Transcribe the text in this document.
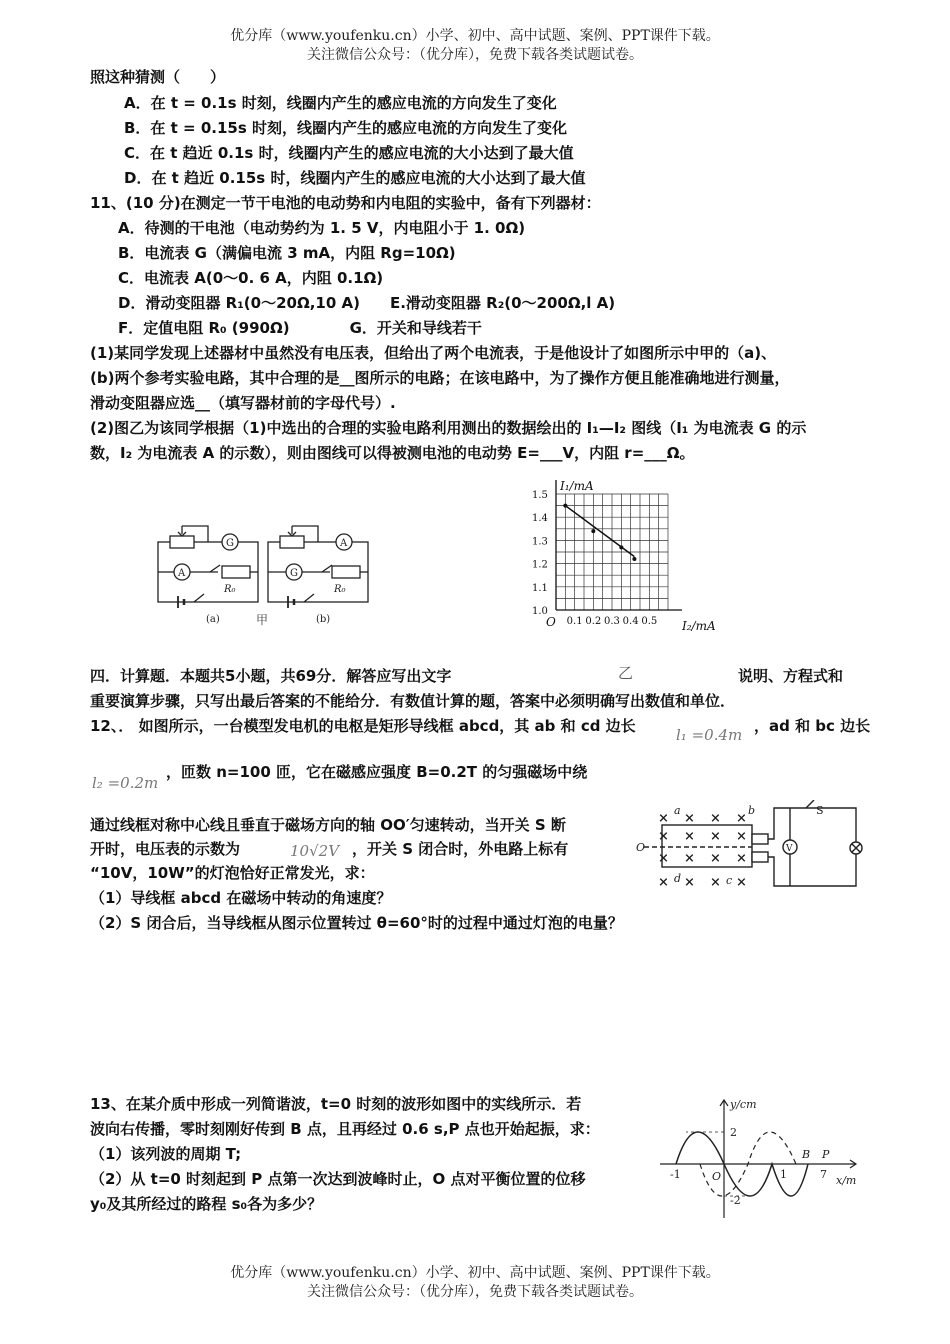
优分库（www.youfenku.cn）小学、初中、高中试题、案例、PPT课件下载。
关注微信公众号：（优分库），免费下载各类试题试卷。
照这种猜测（　　）
A．在 t = 0.1s 时刻，线圈内产生的感应电流的方向发生了变化
B．在 t = 0.15s 时刻，线圈内产生的感应电流的方向发生了变化
C．在 t 趋近 0.1s 时，线圈内产生的感应电流的大小达到了最大值
D．在 t 趋近 0.15s 时，线圈内产生的感应电流的大小达到了最大值
11、(10 分)在测定一节干电池的电动势和内电阻的实验中，备有下列器材：
A．待测的干电池（电动势约为 1. 5 V，内电阻小于 1. 0Ω)
B．电流表 G（满偏电流 3 mA，内阻 Rg=10Ω)
C．电流表 A(0～0. 6 A，内阻 0.1Ω)
D．滑动变阻器 R₁(0～20Ω,10 A)　　E.滑动变阻器 R₂(0～200Ω,l A)
F．定值电阻 R₀ (990Ω)　　　　G．开关和导线若干
(1)某同学发现上述器材中虽然没有电压表，但给出了两个电流表，于是他设计了如图所示中甲的（a)、
(b)两个参考实验电路，其中合理的是__图所示的电路；在该电路中，为了操作方便且能准确地进行测量，
滑动变阻器应选__（填写器材前的字母代号）.
(2)图乙为该同学根据（1)中选出的合理的实验电路利用测出的数据绘出的 I₁—I₂ 图线（I₁ 为电流表 G 的示
数，I₂ 为电流表 A 的示数），则由图线可以得被测电池的电动势 E=___V，内阻 r=___Ω。
G
A
R₀
(a)
A
G
R₀
(b)
甲
I₁/mA
I₂/mA
O 0.1 0.2 0.3 0.4 0.5
1.0
1.1
1.2
1.3
1.4
1.5
乙
四．计算题．本题共5小题，共69分．解答应写出文字	说明、方程式和
重要演算步骤，只写出最后答案的不能给分．有数值计算的题，答案中必须明确写出数值和单位．
12、． 如图所示，一台模型发电机的电枢是矩形导线框 abcd，其 ab 和 cd 边长	l₁ =0.4m ，ad 和 bc 边长
l₂ =0.2m
，匝数 n=100 匝，它在磁感应强度 B=0.2T 的匀强磁场中绕
通过线框对称中心线且垂直于磁场方向的轴 OO′匀速转动，当开关 S 断
开时，电压表的示数为	10√2V ，开关 S 闭合时，外电路上标有
“10V，10W”的灯泡恰好正常发光，求：
（1）导线框 abcd 在磁场中转动的角速度？
（2）S 闭合后，当导线框从图示位置转过 θ=60°时的过程中通过灯泡的电量？
× × × ×
× × × ×
× × × ×
× × × ×
a	b
c
d
O
S
V
13、在某介质中形成一列简谐波，t=0 时刻的波形如图中的实线所示．若
波向右传播，零时刻刚好传到 B 点，且再经过 0.6 s,P 点也开始起振，求：
（1）该列波的周期 T;
（2）从 t=0 时刻起到 P 点第一次达到波峰时止，O 点对平衡位置的位移
y₀及其所经过的路程 s₀各为多少？
y/cm
x/m
O
B P
2
-2
-1	1	7
优分库（www.youfenku.cn）小学、初中、高中试题、案例、PPT课件下载。
关注微信公众号：（优分库），免费下载各类试题试卷。
